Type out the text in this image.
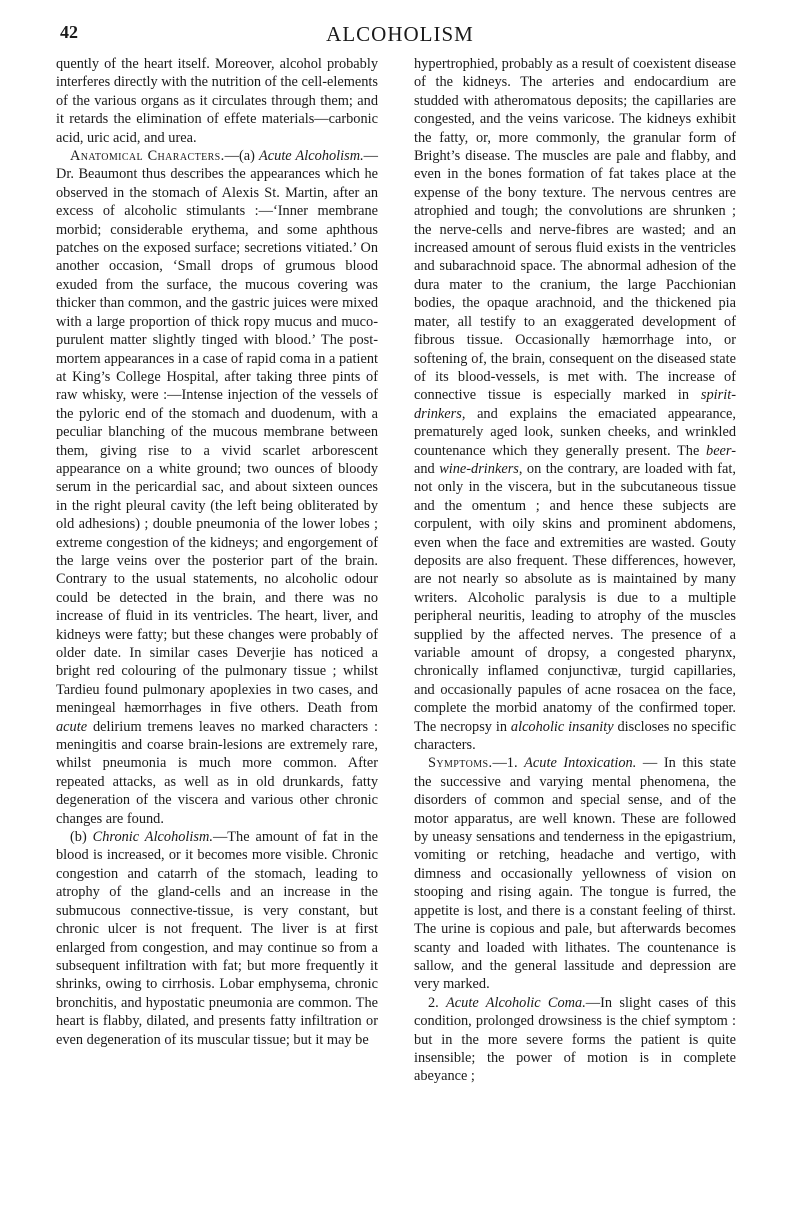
42	ALCOHOLISM

quently of the heart itself. Moreover, alcohol probably interferes directly with the nutrition of the cell-elements of the various organs as it circulates through them; and it retards the elimination of effete materials—carbonic acid, uric acid, and urea.

Anatomical Characters.—(a) Acute Alcoholism.—Dr. Beaumont thus describes the appearances which he observed in the stomach of Alexis St. Martin, after an excess of alcoholic stimulants :—‘Inner membrane morbid; considerable erythema, and some aphthous patches on the exposed surface; secretions vitiated.’ On another occasion, ‘Small drops of grumous blood exuded from the surface, the mucous covering was thicker than common, and the gastric juices were mixed with a large proportion of thick ropy mucus and muco-purulent matter slightly tinged with blood.’ The post-mortem appearances in a case of rapid coma in a patient at King’s College Hospital, after taking three pints of raw whisky, were :—Intense injection of the vessels of the pyloric end of the stomach and duodenum, with a peculiar blanching of the mucous membrane between them, giving rise to a vivid scarlet arborescent appearance on a white ground; two ounces of bloody serum in the pericardial sac, and about sixteen ounces in the right pleural cavity (the left being obliterated by old adhesions) ; double pneumonia of the lower lobes ; extreme congestion of the kidneys; and engorgement of the large veins over the posterior part of the brain. Contrary to the usual statements, no alcoholic odour could be detected in the brain, and there was no increase of fluid in its ventricles. The heart, liver, and kidneys were fatty; but these changes were probably of older date. In similar cases Deverjie has noticed a bright red colouring of the pulmonary tissue ; whilst Tardieu found pulmonary apoplexies in two cases, and meningeal hæmorrhages in five others. Death from acute delirium tremens leaves no marked characters : meningitis and coarse brain-lesions are extremely rare, whilst pneumonia is much more common. After repeated attacks, as well as in old drunkards, fatty degeneration of the viscera and various other chronic changes are found.

(b) Chronic Alcoholism.—The amount of fat in the blood is increased, or it becomes more visible. Chronic congestion and catarrh of the stomach, leading to atrophy of the gland-cells and an increase in the submucous connective-tissue, is very constant, but chronic ulcer is not frequent. The liver is at first enlarged from congestion, and may continue so from a subsequent infiltration with fat; but more frequently it shrinks, owing to cirrhosis. Lobar emphysema, chronic bronchitis, and hypostatic pneumonia are common. The heart is flabby, dilated, and presents fatty infiltration or even degeneration of its muscular tissue; but it may be

hypertrophied, probably as a result of coexistent disease of the kidneys. The arteries and endocardium are studded with atheromatous deposits; the capillaries are congested, and the veins varicose. The kidneys exhibit the fatty, or, more commonly, the granular form of Bright’s disease. The muscles are pale and flabby, and even in the bones formation of fat takes place at the expense of the bony texture. The nervous centres are atrophied and tough; the convolutions are shrunken ; the nerve-cells and nerve-fibres are wasted; and an increased amount of serous fluid exists in the ventricles and subarachnoid space. The abnormal adhesion of the dura mater to the cranium, the large Pacchionian bodies, the opaque arachnoid, and the thickened pia mater, all testify to an exaggerated development of fibrous tissue. Occasionally hæmorrhage into, or softening of, the brain, consequent on the diseased state of its blood-vessels, is met with. The increase of connective tissue is especially marked in spirit-drinkers, and explains the emaciated appearance, prematurely aged look, sunken cheeks, and wrinkled countenance which they generally present. The beer- and wine-drinkers, on the contrary, are loaded with fat, not only in the viscera, but in the subcutaneous tissue and the omentum ; and hence these subjects are corpulent, with oily skins and prominent abdomens, even when the face and extremities are wasted. Gouty deposits are also frequent. These differences, however, are not nearly so absolute as is maintained by many writers. Alcoholic paralysis is due to a multiple peripheral neuritis, leading to atrophy of the muscles supplied by the affected nerves. The presence of a variable amount of dropsy, a congested pharynx, chronically inflamed conjunctivæ, turgid capillaries, and occasionally papules of acne rosacea on the face, complete the morbid anatomy of the confirmed toper. The necropsy in alcoholic insanity discloses no specific characters.

Symptoms.—1. Acute Intoxication. — In this state the successive and varying mental phenomena, the disorders of common and special sense, and of the motor apparatus, are well known. These are followed by uneasy sensations and tenderness in the epigastrium, vomiting or retching, headache and vertigo, with dimness and occasionally yellowness of vision on stooping and rising again. The tongue is furred, the appetite is lost, and there is a constant feeling of thirst. The urine is copious and pale, but afterwards becomes scanty and loaded with lithates. The countenance is sallow, and the general lassitude and depression are very marked.

2. Acute Alcoholic Coma.—In slight cases of this condition, prolonged drowsiness is the chief symptom : but in the more severe forms the patient is quite insensible; the power of motion is in complete abeyance ;
